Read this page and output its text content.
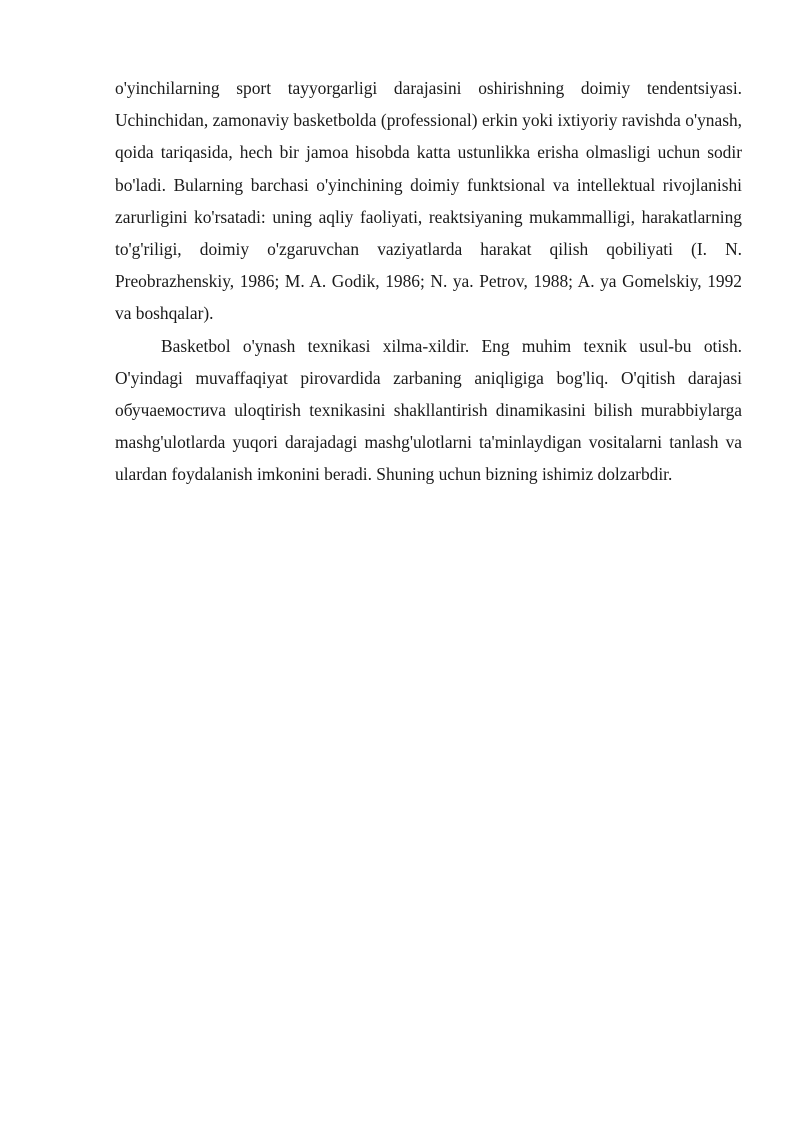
o'yinchilarning sport tayyorgarligi darajasini oshirishning doimiy tendentsiyasi. Uchinchidan, zamonaviy basketbolda (professional) erkin yoki ixtiyoriy ravishda o'ynash, qoida tariqasida, hech bir jamoa hisobda katta ustunlikka erisha olmasligi uchun sodir bo'ladi. Bularning barchasi o'yinchining doimiy funktsional va intellektual rivojlanishi zarurligini ko'rsatadi: uning aqliy faoliyati, reaktsiyaning mukammalligi, harakatlarning to'g'riligi, doimiy o'zgaruvchan vaziyatlarda harakat qilish qobiliyati (I. N. Preobrazhenskiy, 1986; M. A. Godik, 1986; N. ya. Petrov, 1988; A. ya Gomelskiy, 1992 va boshqalar).

Basketbol o'ynash texnikasi xilma-xildir. Eng muhim texnik usul-bu otish. O'yindagi muvaffaqiyat pirovardida zarbaning aniqligiga bog'liq. O'qitish darajasi обучаемостиva uloqtirish texnikasini shakllantirish dinamikasini bilish murabbiylarga mashg'ulotlarda yuqori darajadagi mashg'ulotlarni ta'minlaydigan vositalarni tanlash va ulardan foydalanish imkonini beradi. Shuning uchun bizning ishimiz dolzarbdir.
